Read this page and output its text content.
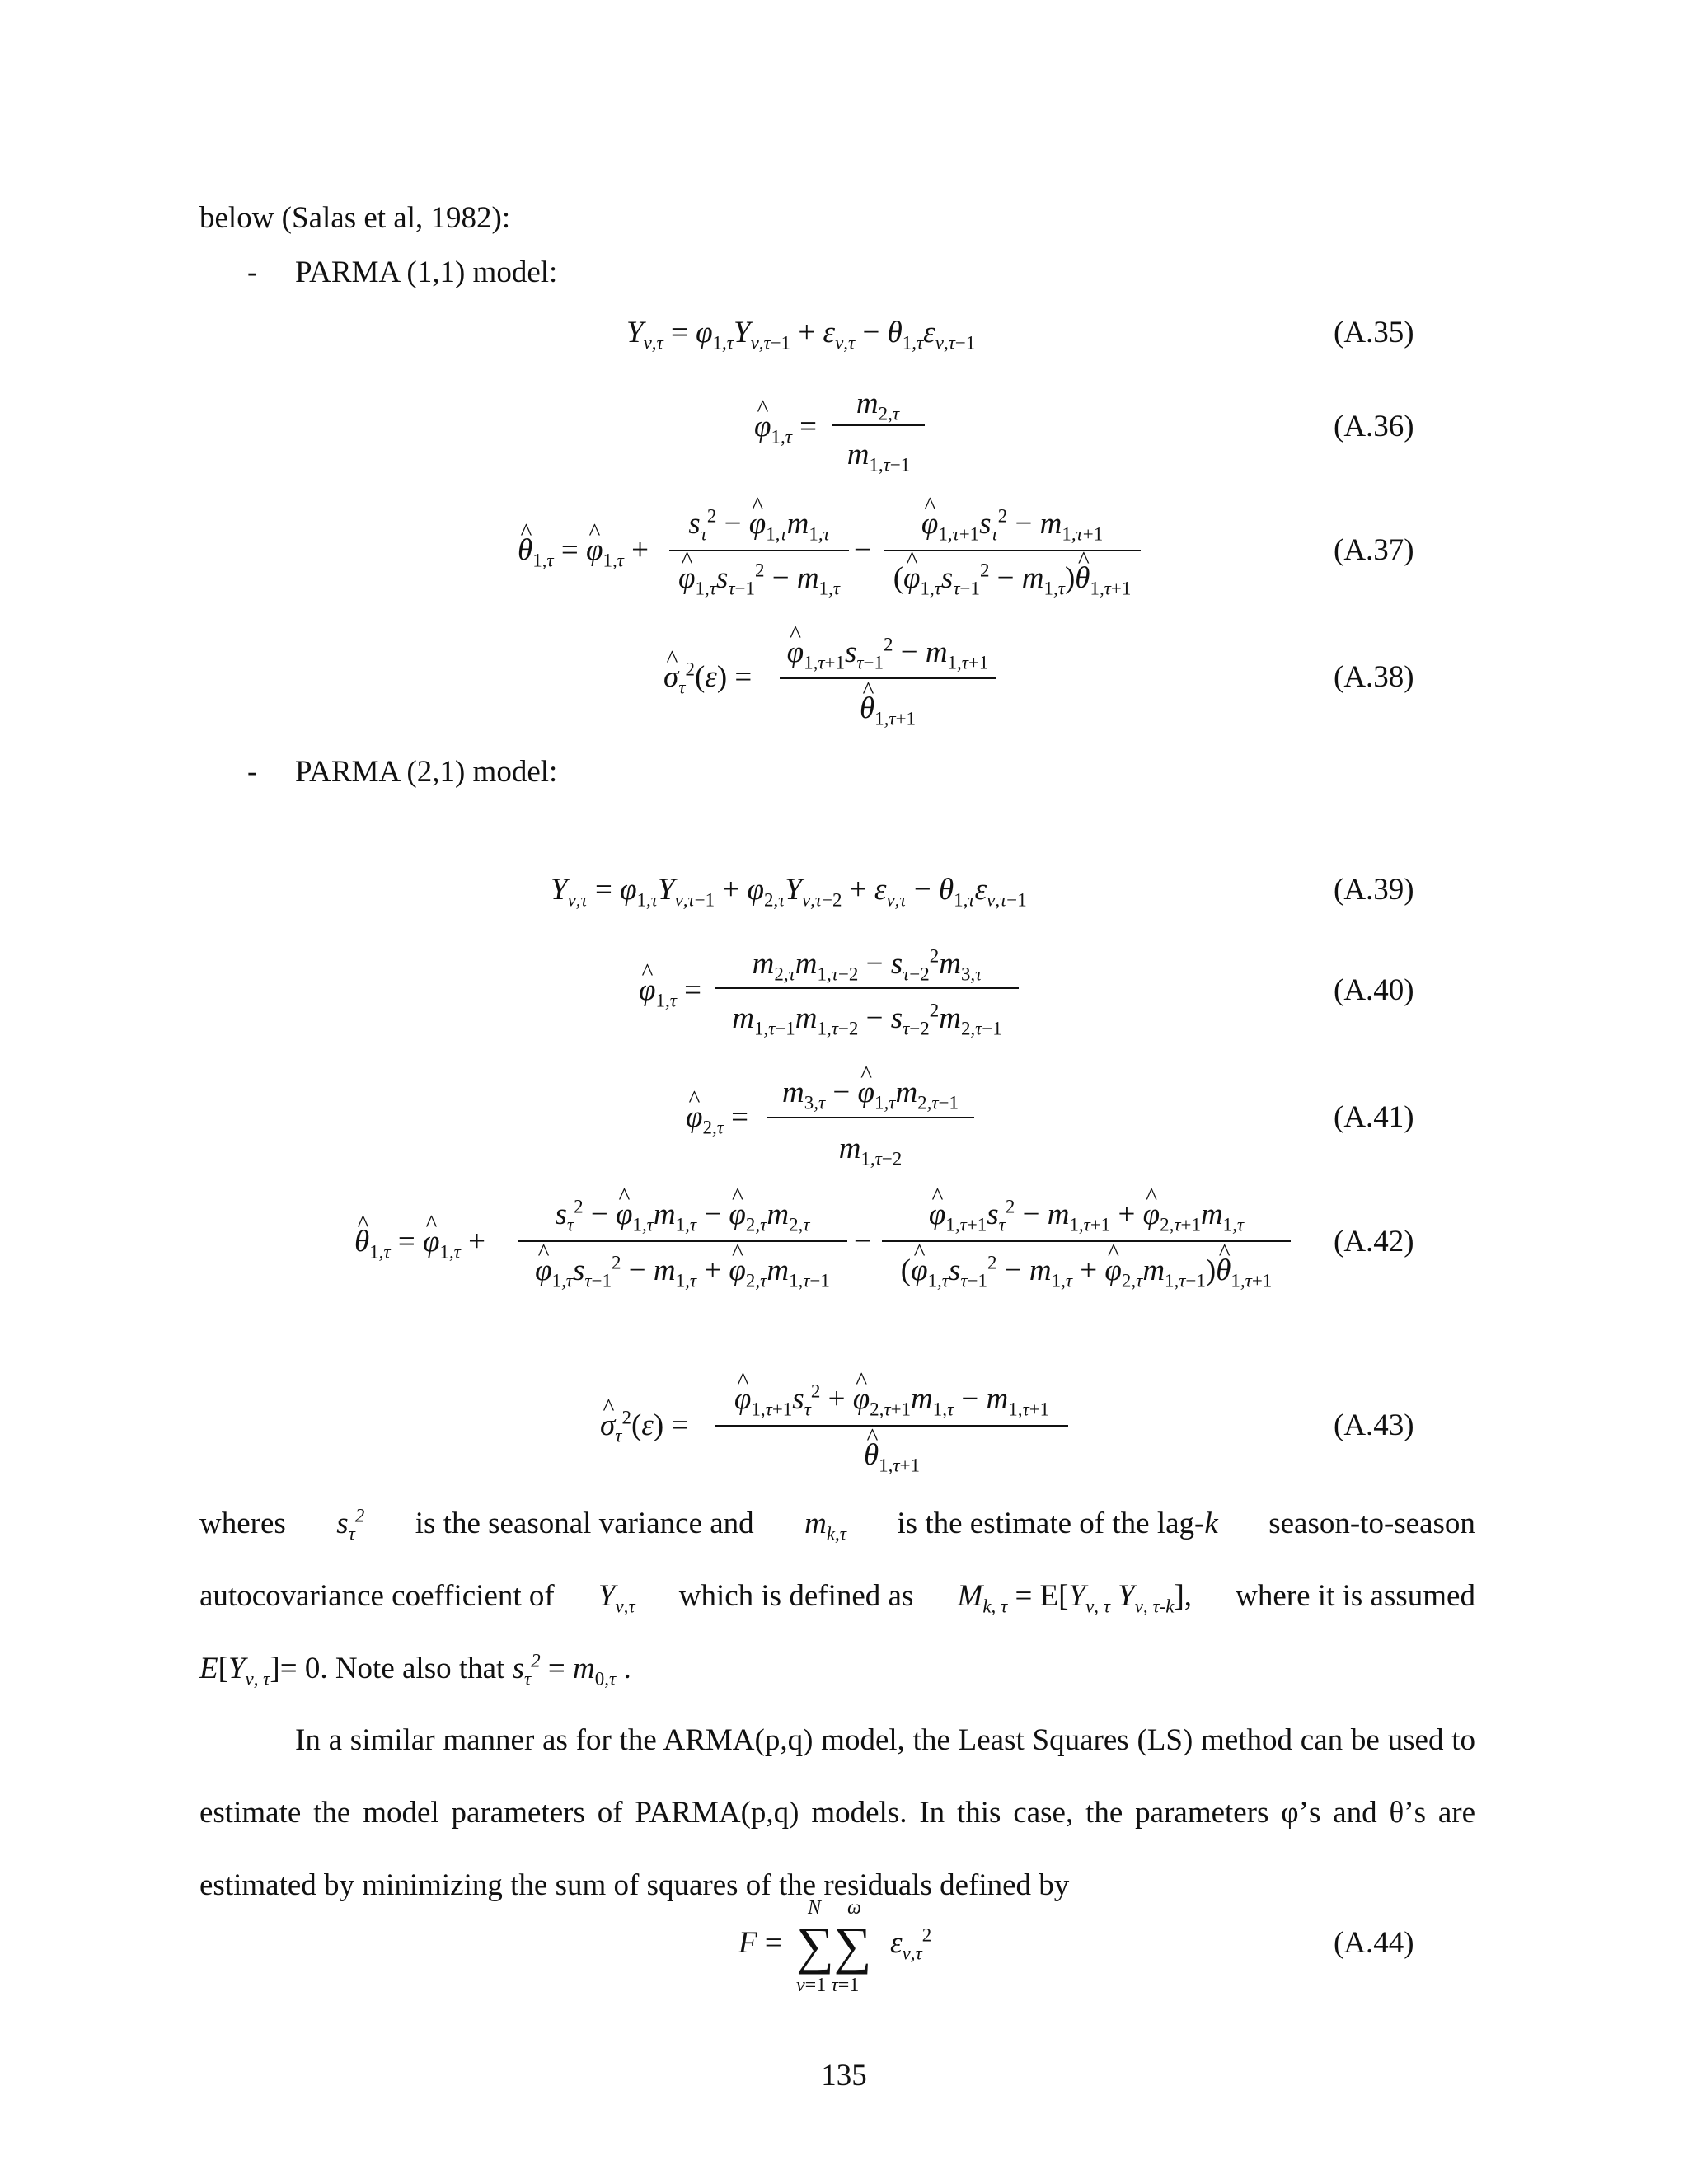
below (Salas et al, 1982):
- PARMA (1,1) model:
$Y_{\nu,\tau} = \varphi_{1,\tau}Y_{\nu,\tau-1} + \varepsilon_{\nu,\tau} - \theta_{1,\tau}\varepsilon_{\nu,\tau-1}$	(A.35)
^ $\varphi_{1,\tau}$ =
$m_{2,\tau}$
$m_{1,\tau-1}$
(A.36)
^ $\theta_{1,\tau}$ = ^ $\varphi_{1,\tau}$ +
$s_\tau^2$ − ^ $\varphi_{1,\tau}m_{1,\tau}$
^ $\varphi_{1,\tau}s_{\tau-1}^2 - m_{1,\tau}$
−
^ $\varphi_{1,\tau+1}s_\tau^2 - m_{1,\tau+1}$
(^ $\varphi_{1,\tau}s_{\tau-1}^2$ − $m_{1,\tau})\^{}$ $\theta_{1,\tau+1}$
(A.37)
^ $\sigma_\tau^2(\varepsilon)$ =
^ $\varphi_{1,\tau+1}s_{\tau-1}^2 - m_{1,\tau+1}$
^ $\theta_{1,\tau+1}$
(A.38)
- PARMA (2,1) model:
$Y_{\nu,\tau} = \varphi_{1,\tau}Y_{\nu,\tau-1} + \varphi_{2,\tau}Y_{\nu,\tau-2} + \varepsilon_{\nu,\tau} - \theta_{1,\tau}\varepsilon_{\nu,\tau-1}$	(A.39)
^ $\varphi_{1,\tau}$ =
$m_{2,\tau}m_{1,\tau-2} - s_{\tau-2}^2m_{3,\tau}$
$m_{1,\tau-1}m_{1,\tau-2} - s_{\tau-2}^2m_{2,\tau-1}$
(A.40)
^ $\varphi_{2,\tau}$ =
$m_{3,\tau}$ − ^ $\varphi_{1,\tau}m_{2,\tau-1}$
$m_{1,\tau-2}$
(A.41)
^ $\theta_{1,\tau}$ = ^ $\varphi_{1,\tau}$ +
$s_\tau^2$ − ^ $\varphi_{1,\tau}m_{1,\tau}$ − ^ $\varphi_{2,\tau}m_{2,\tau}$
^ $\varphi_{1,\tau}s_{\tau-1}^2 - m_{1,\tau}$ + ^ $\varphi_{2,\tau}m_{1,\tau-1}$
−
^ $\varphi_{1,\tau+1}s_\tau^2 - m_{1,\tau+1}$ + ^ $\varphi_{2,\tau+1}m_{1,\tau}$
(^ $\varphi_{1,\tau}s_{\tau-1}^2 - m_{1,\tau}$ + ^ $\varphi_{2,\tau}m_{1,\tau-1})\^{}$ $\theta_{1,\tau+1}$
(A.42)
^ $\sigma_\tau^2(\varepsilon)$ =
^ $\varphi_{1,\tau+1}s_\tau^2$ + ^ $\varphi_{2,\tau+1}m_{1,\tau} - m_{1,\tau+1}$
^ $\theta_{1,\tau+1}$
(A.43)
wheres $s_\tau^2$ is the seasonal variance and $m_{k,\tau}$ is the estimate of the lag-k season-to-season
autocovariance coefficient of $Y_{\nu,\tau}$ which is defined as $M_{k, \tau} = E[Y_{\nu, \tau}$ $Y_{\nu, \tau-k}$], where it is assumed
$E[Y_{\nu, \tau}]= 0$. Note also that $s_\tau^2 = m_{0,\tau}$ .
In a similar manner as for the ARMA(p,q) model, the Least Squares (LS) method can be used to estimate the model parameters of PARMA(p,q) models. In this case, the parameters φ’s and θ’s are estimated by minimizing the sum of squares of the residuals defined by
F =
N ω
∑∑
ν=1 τ=1
$\varepsilon_{\nu,\tau}^2$	(A.44)
135
